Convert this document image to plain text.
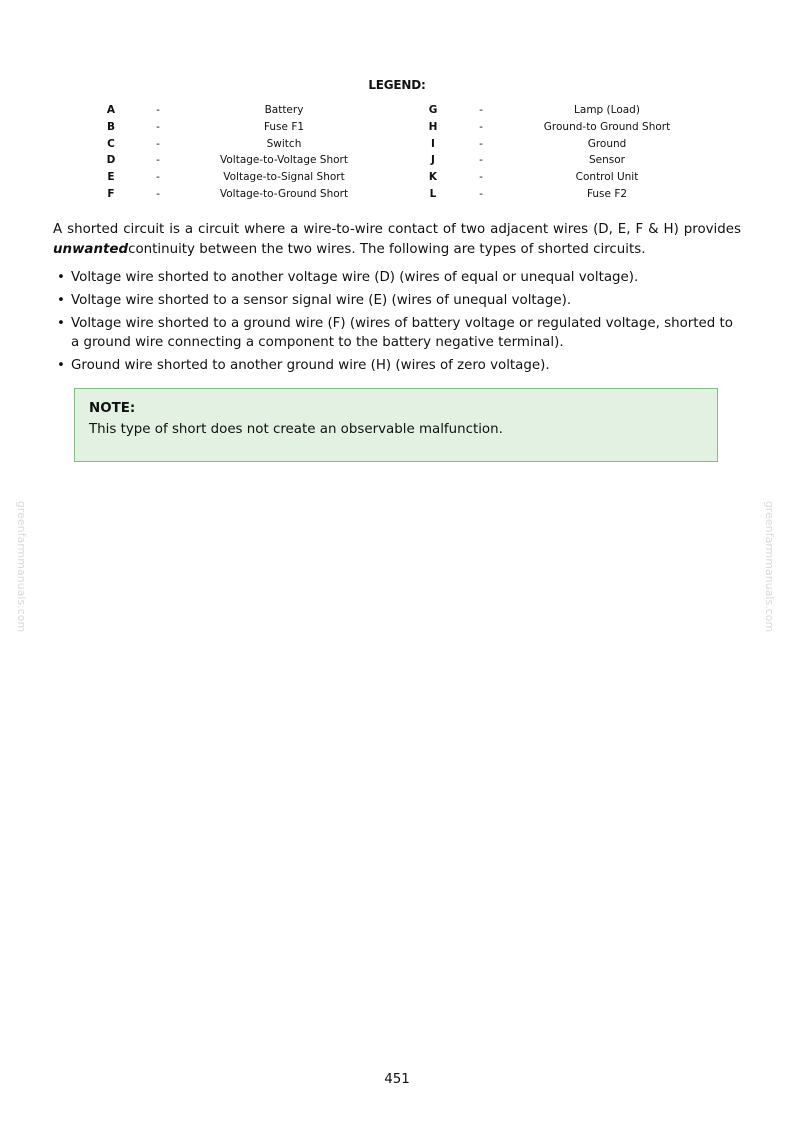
LEGEND:
A	-	Battery	G	-	Lamp (Load)
B	-	Fuse F1	H	-	Ground-to Ground Short
C	-	Switch	I	-	Ground
D	-	Voltage-to-Voltage Short	J	-	Sensor
E	-	Voltage-to-Signal Short	K	-	Control Unit
F	-	Voltage-to-Ground Short	L	-	Fuse F2

A shorted circuit is a circuit where a wire-to-wire contact of two adjacent wires (D, E, F & H) provides unwantedcontinuity between the two wires. The following are types of shorted circuits.

• Voltage wire shorted to another voltage wire (D) (wires of equal or unequal voltage).
• Voltage wire shorted to a sensor signal wire (E) (wires of unequal voltage).
• Voltage wire shorted to a ground wire (F) (wires of battery voltage or regulated voltage, shorted to a ground wire connecting a component to the battery negative terminal).
• Ground wire shorted to another ground wire (H) (wires of zero voltage).
NOTE:
This type of short does not create an observable malfunction.
greenfarmmanuals.com	greenfarmmanuals.com
451
